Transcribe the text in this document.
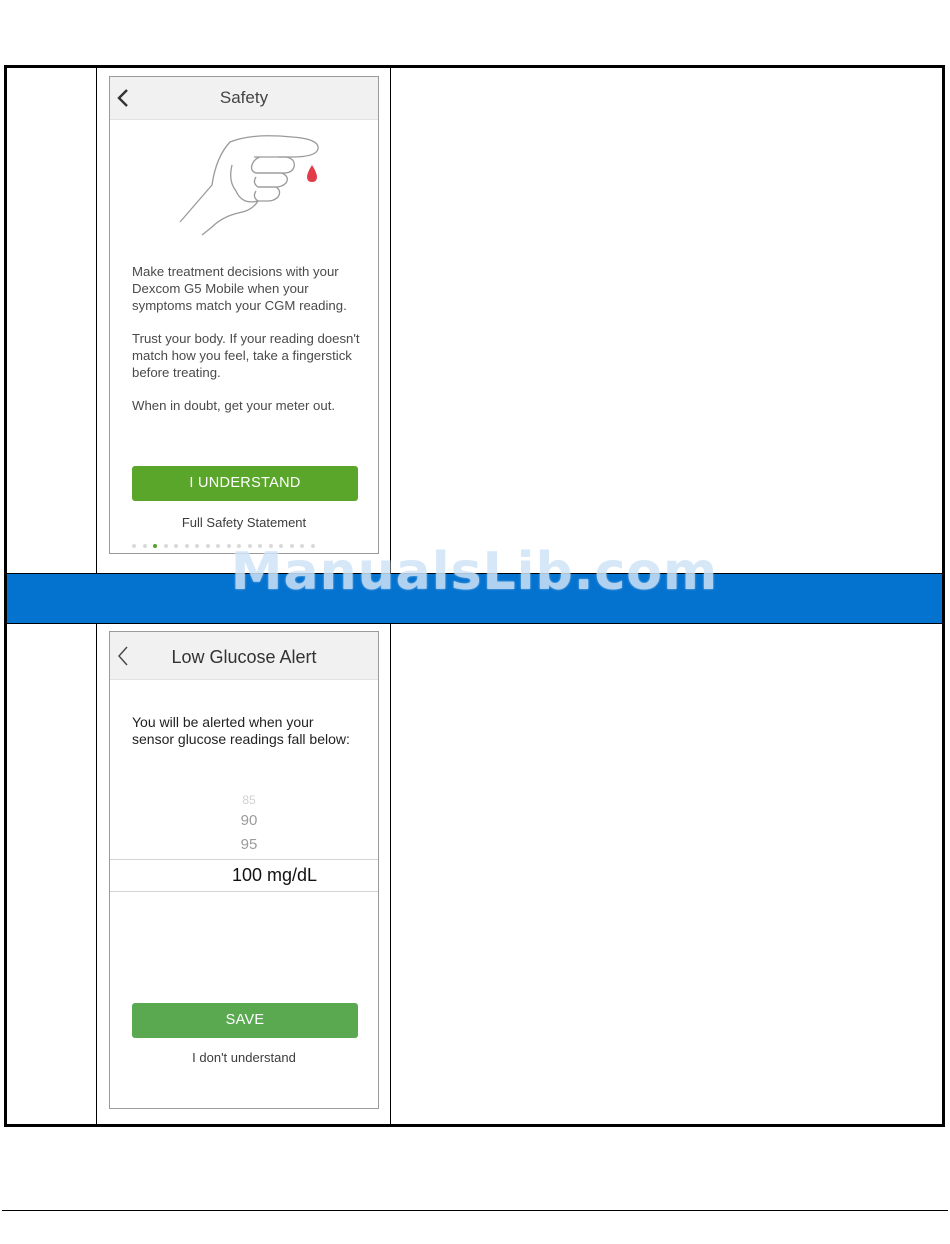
Safety

Make treatment decisions with your Dexcom G5 Mobile when your symptoms match your CGM reading.

Trust your body. If your reading doesn't match how you feel, take a fingerstick before treating.

When in doubt, get your meter out.

I UNDERSTAND
Full Safety Statement
ManualsLib.com
Low Glucose Alert
You will be alerted when your sensor glucose readings fall below:
85
90
95
100 mg/dL
SAVE
I don't understand
